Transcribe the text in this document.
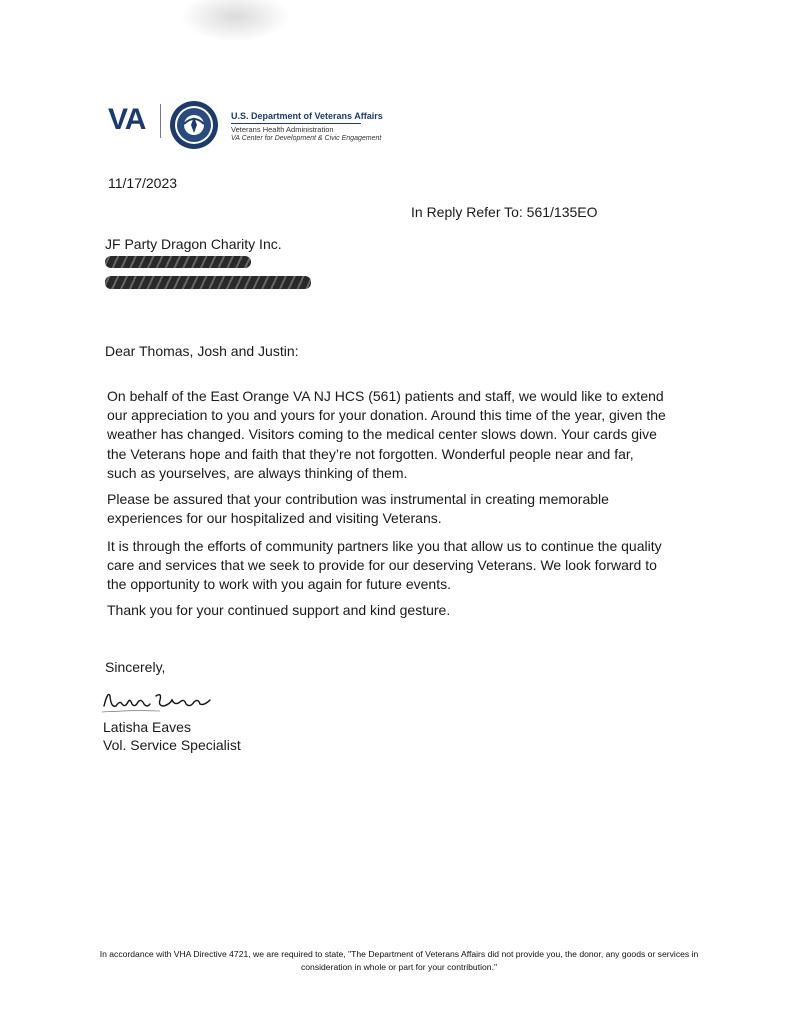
VA	U.S. Department of Veterans Affairs
Veterans Health Administration
VA Center for Development & Civic Engagement
11/17/2023
In Reply Refer To: 561/135EO
JF Party Dragon Charity Inc.
Dear Thomas, Josh and Justin:
On behalf of the East Orange VA NJ HCS (561) patients and staff, we would like to extend our appreciation to you and yours for your donation. Around this time of the year, given the weather has changed. Visitors coming to the medical center slows down. Your cards give the Veterans hope and faith that they’re not forgotten. Wonderful people near and far, such as yourselves, are always thinking of them.
Please be assured that your contribution was instrumental in creating memorable experiences for our hospitalized and visiting Veterans.
It is through the efforts of community partners like you that allow us to continue the quality care and services that we seek to provide for our deserving Veterans. We look forward to the opportunity to work with you again for future events.
Thank you for your continued support and kind gesture.
Sincerely,
Latisha Eaves
Vol. Service Specialist
In accordance with VHA Directive 4721, we are required to state, "The Department of Veterans Affairs did not provide you, the donor, any goods or services in consideration in whole or part for your contribution."
